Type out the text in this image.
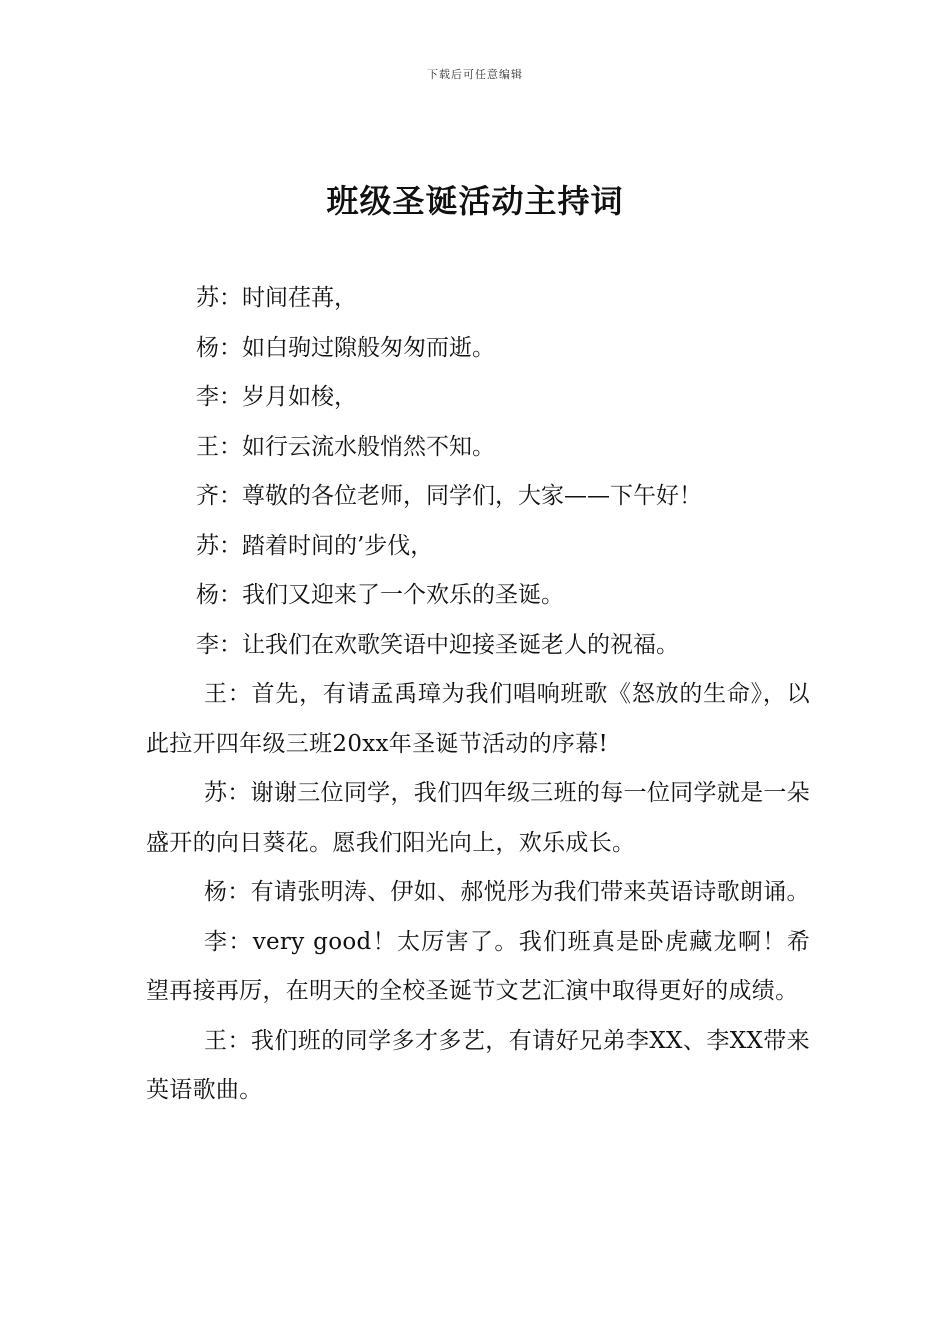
下载后可任意编辑
班级圣诞活动主持词

苏：时间荏苒，

杨：如白驹过隙般匆匆而逝。

李：岁月如梭，

王：如行云流水般悄然不知。

齐：尊敬的各位老师，同学们，大家——下午好！

苏：踏着时间的’步伐，

杨：我们又迎来了一个欢乐的圣诞。

李：让我们在欢歌笑语中迎接圣诞老人的祝福。

王：首先，有请孟禹璋为我们唱响班歌《怒放的生命》，以此拉开四年级三班20xx年圣诞节活动的序幕!

苏：谢谢三位同学，我们四年级三班的每一位同学就是一朵盛开的向日葵花。愿我们阳光向上，欢乐成长。

杨：有请张明涛、伊如、郝悦彤为我们带来英语诗歌朗诵。

李：very good！太厉害了。我们班真是卧虎藏龙啊！希望再接再厉，在明天的全校圣诞节文艺汇演中取得更好的成绩。

王：我们班的同学多才多艺，有请好兄弟李XX、李XX带来英语歌曲。
